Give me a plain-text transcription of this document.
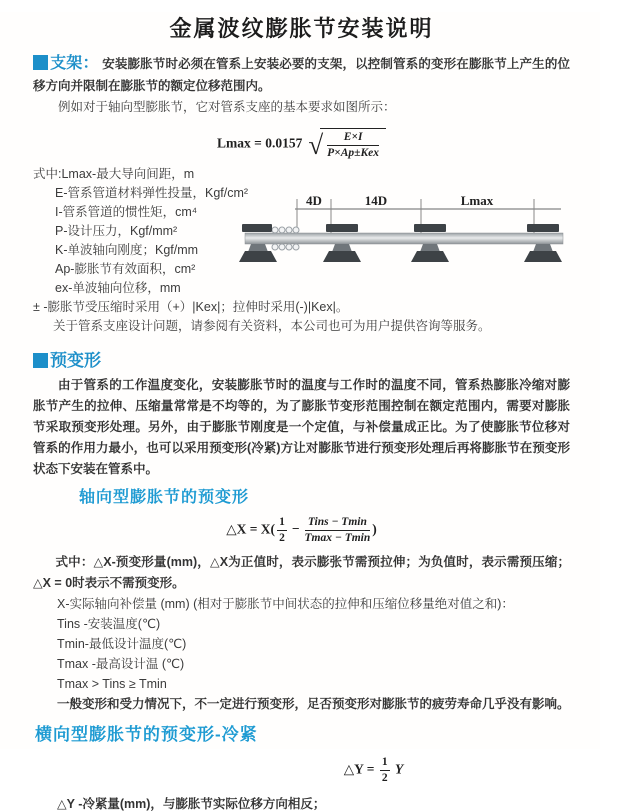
金属波纹膨胀节安装说明
支架： 安装膨胀节时必须在管系上安装必要的支架，以控制管系的变形在膨胀节上产生的位移方向并限制在膨胀节的额定位移范围内。

例如对于轴向型膨胀节，它对管系支座的基本要求如图所示：

Lmax = 0.0157 √ $\frac{E\times I}{\text{P×Ap±Kex}}$

式中:Lmax-最大导向间距，m

E-管系管道材料弹性投量，Kgf/cm²

I-管系管道的惯性矩，cm⁴

P-设计压力，Kgf/mm²

K-单波轴向刚度；Kgf/mm

Ap-膨胀节有效面积，cm²

ex-单波轴向位移，mm

4D	14D	Lmax

± -膨胀节受压缩时采用（+）|Kex|；拉伸时采用(-)|Kex|。

关于管系支座设计问题，请参阅有关资料，本公司也可为用户提供咨询等服务。

预变形

由于管系的工作温度变化，安装膨胀节时的温度与工作时的温度不同，管系热膨胀冷缩对膨胀节产生的拉伸、压缩量常常是不均等的，为了膨胀节变形范围控制在额定范围内，需要对膨胀节采取预变形处理。另外，由于膨胀节刚度是一个定值，与补偿量成正比。为了使膨胀节位移对管系的作用力最小，也可以采用预变形(冷紧)方让对膨胀节进行预变形处理后再将膨胀节在预变形状态下安装在管系中。

轴向型膨胀节的预变形
△X = $X( \frac{1}{2} - \frac{\text{Tins − Tmin}}{Tmax - Tmin}$ )

式中：△X-预变形量(mm)，△X为正值时，表示膨张节需预拉伸；为负值时，表示需预压缩；△X = 0时表示不需预变形。

X-实际轴向补偿量 (mm) (相对于膨胀节中间状态的拉伸和压缩位移量绝对值之和)：

Tins -安装温度(℃)

Tmin-最低设计温度(℃)

Tmax -最高设计温 (℃)

Tmax > Tins ≥ Tmin

一般变形和受力情况下，不一定进行预变形，足否预变形对膨胀节的疲劳寿命几乎没有影响。

横向型膨胀节的预变形-冷紧
△Y = $\frac{1}{2}$ Y

△Y -冷紧量(mm)，与膨胀节实际位移方向相反；
